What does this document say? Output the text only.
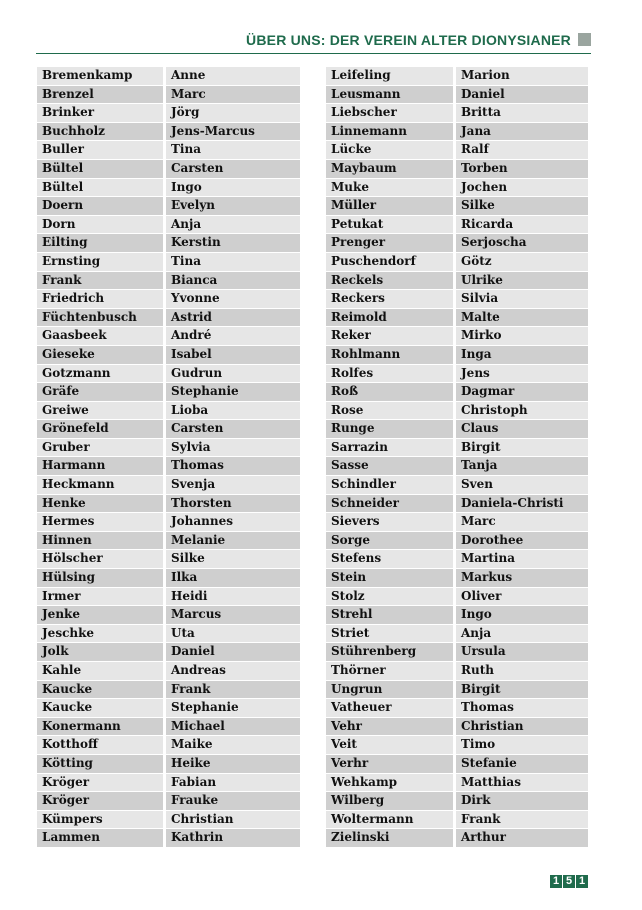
ÜBER UNS: DER VEREIN ALTER DIONYSIANER
Bremenkamp	Anne
Brenzel	Marc
Brinker	Jörg
Buchholz	Jens-Marcus
Buller	Tina
Bültel	Carsten
Bültel	Ingo
Doern	Evelyn
Dorn	Anja
Eilting	Kerstin
Ernsting	Tina
Frank	Bianca
Friedrich	Yvonne
Füchtenbusch	Astrid
Gaasbeek	André
Gieseke	Isabel
Gotzmann	Gudrun
Gräfe	Stephanie
Greiwe	Lioba
Grönefeld	Carsten
Gruber	Sylvia
Harmann	Thomas
Heckmann	Svenja
Henke	Thorsten
Hermes	Johannes
Hinnen	Melanie
Hölscher	Silke
Hülsing	Ilka
Irmer	Heidi
Jenke	Marcus
Jeschke	Uta
Jolk	Daniel
Kahle	Andreas
Kaucke	Frank
Kaucke	Stephanie
Konermann	Michael
Kotthoff	Maike
Kötting	Heike
Kröger	Fabian
Kröger	Frauke
Kümpers	Christian
Lammen	Kathrin
Leifeling	Marion
Leusmann	Daniel
Liebscher	Britta
Linnemann	Jana
Lücke	Ralf
Maybaum	Torben
Muke	Jochen
Müller	Silke
Petukat	Ricarda
Prenger	Serjoscha
Puschendorf	Götz
Reckels	Ulrike
Reckers	Silvia
Reimold	Malte
Reker	Mirko
Rohlmann	Inga
Rolfes	Jens
Roß	Dagmar
Rose	Christoph
Runge	Claus
Sarrazin	Birgit
Sasse	Tanja
Schindler	Sven
Schneider	Daniela-Christi
Sievers	Marc
Sorge	Dorothee
Stefens	Martina
Stein	Markus
Stolz	Oliver
Strehl	Ingo
Striet	Anja
Stührenberg	Ursula
Thörner	Ruth
Ungrun	Birgit
Vatheuer	Thomas
Vehr	Christian
Veit	Timo
Verhr	Stefanie
Wehkamp	Matthias
Wilberg	Dirk
Woltermann	Frank
Zielinski	Arthur
1 5 1
